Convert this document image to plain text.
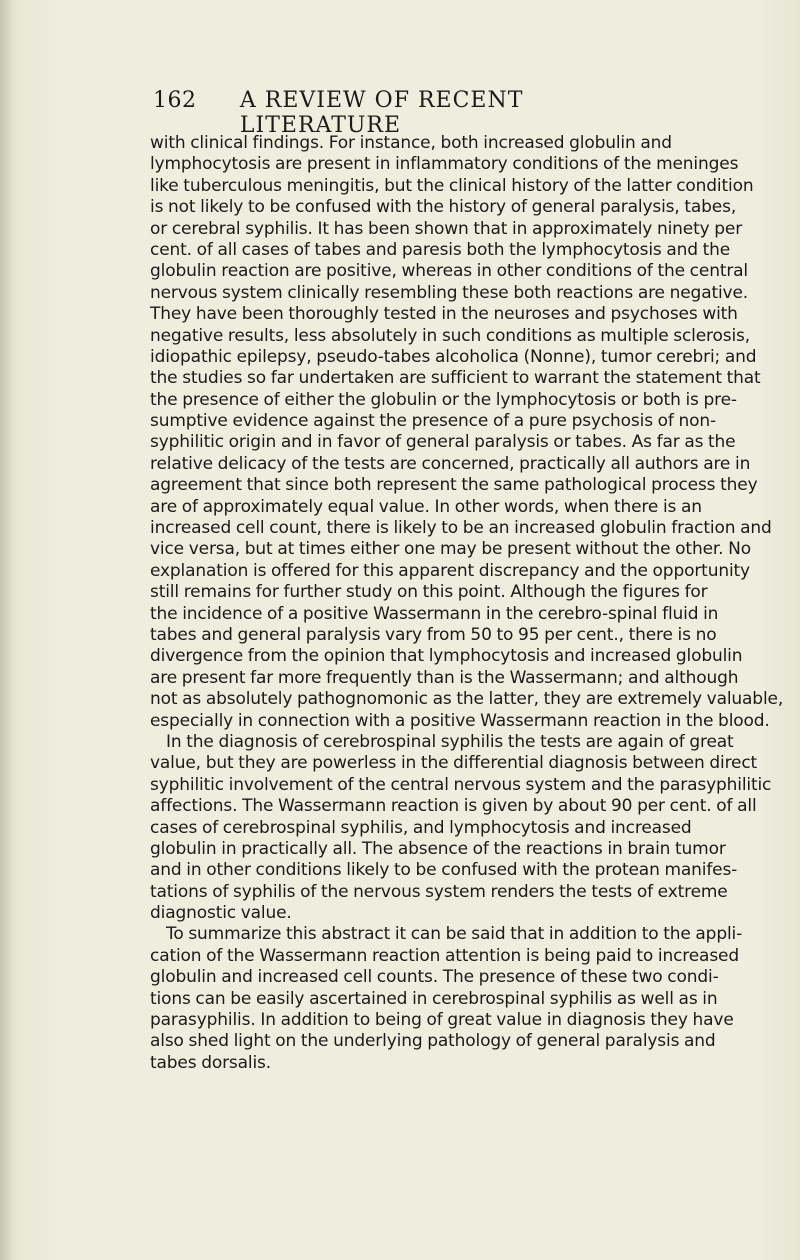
162	A REVIEW OF RECENT LITERATURE
with clinical findings. For instance, both increased globulin and
lymphocytosis are present in inflammatory conditions of the meninges
like tuberculous meningitis, but the clinical history of the latter condition
is not likely to be confused with the history of general paralysis, tabes,
or cerebral syphilis. It has been shown that in approximately ninety per
cent. of all cases of tabes and paresis both the lymphocytosis and the
globulin reaction are positive, whereas in other conditions of the central
nervous system clinically resembling these both reactions are negative.
They have been thoroughly tested in the neuroses and psychoses with
negative results, less absolutely in such conditions as multiple sclerosis,
idiopathic epilepsy, pseudo-tabes alcoholica (Nonne), tumor cerebri; and
the studies so far undertaken are sufficient to warrant the statement that
the presence of either the globulin or the lymphocytosis or both is pre-
sumptive evidence against the presence of a pure psychosis of non-
syphilitic origin and in favor of general paralysis or tabes. As far as the
relative delicacy of the tests are concerned, practically all authors are in
agreement that since both represent the same pathological process they
are of approximately equal value. In other words, when there is an
increased cell count, there is likely to be an increased globulin fraction and
vice versa, but at times either one may be present without the other. No
explanation is offered for this apparent discrepancy and the opportunity
still remains for further study on this point. Although the figures for
the incidence of a positive Wassermann in the cerebro-spinal fluid in
tabes and general paralysis vary from 50 to 95 per cent., there is no
divergence from the opinion that lymphocytosis and increased globulin
are present far more frequently than is the Wassermann; and although
not as absolutely pathognomonic as the latter, they are extremely valuable,
especially in connection with a positive Wassermann reaction in the blood.
In the diagnosis of cerebrospinal syphilis the tests are again of great
value, but they are powerless in the differential diagnosis between direct
syphilitic involvement of the central nervous system and the parasyphilitic
affections. The Wassermann reaction is given by about 90 per cent. of all
cases of cerebrospinal syphilis, and lymphocytosis and increased
globulin in practically all. The absence of the reactions in brain tumor
and in other conditions likely to be confused with the protean manifes-
tations of syphilis of the nervous system renders the tests of extreme
diagnostic value.
To summarize this abstract it can be said that in addition to the appli-
cation of the Wassermann reaction attention is being paid to increased
globulin and increased cell counts. The presence of these two condi-
tions can be easily ascertained in cerebrospinal syphilis as well as in
parasyphilis. In addition to being of great value in diagnosis they have
also shed light on the underlying pathology of general paralysis and
tabes dorsalis.
